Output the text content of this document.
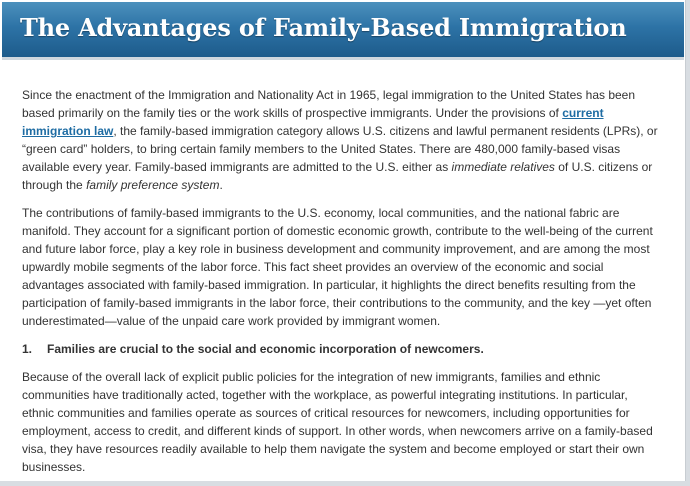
The Advantages of Family-Based Immigration

Since the enactment of the Immigration and Nationality Act in 1965, legal immigration to the United States has been based primarily on the family ties or the work skills of prospective immigrants. Under the provisions of current immigration law, the family-based immigration category allows U.S. citizens and lawful permanent residents (LPRs), or “green card” holders, to bring certain family members to the United States. There are 480,000 family-based visas available every year. Family-based immigrants are admitted to the U.S. either as immediate relatives of U.S. citizens or through the family preference system.

The contributions of family-based immigrants to the U.S. economy, local communities, and the national fabric are manifold. They account for a significant portion of domestic economic growth, contribute to the well-being of the current and future labor force, play a key role in business development and community improvement, and are among the most upwardly mobile segments of the labor force. This fact sheet provides an overview of the economic and social advantages associated with family-based immigration. In particular, it highlights the direct benefits resulting from the participation of family-based immigrants in the labor force, their contributions to the community, and the key —yet often underestimated—value of the unpaid care work provided by immigrant women.

1. Families are crucial to the social and economic incorporation of newcomers.

Because of the overall lack of explicit public policies for the integration of new immigrants, families and ethnic communities have traditionally acted, together with the workplace, as powerful integrating institutions. In particular, ethnic communities and families operate as sources of critical resources for newcomers, including opportunities for employment, access to credit, and different kinds of support. In other words, when newcomers arrive on a family-based visa, they have resources readily available to help them navigate the system and become employed or start their own businesses.
